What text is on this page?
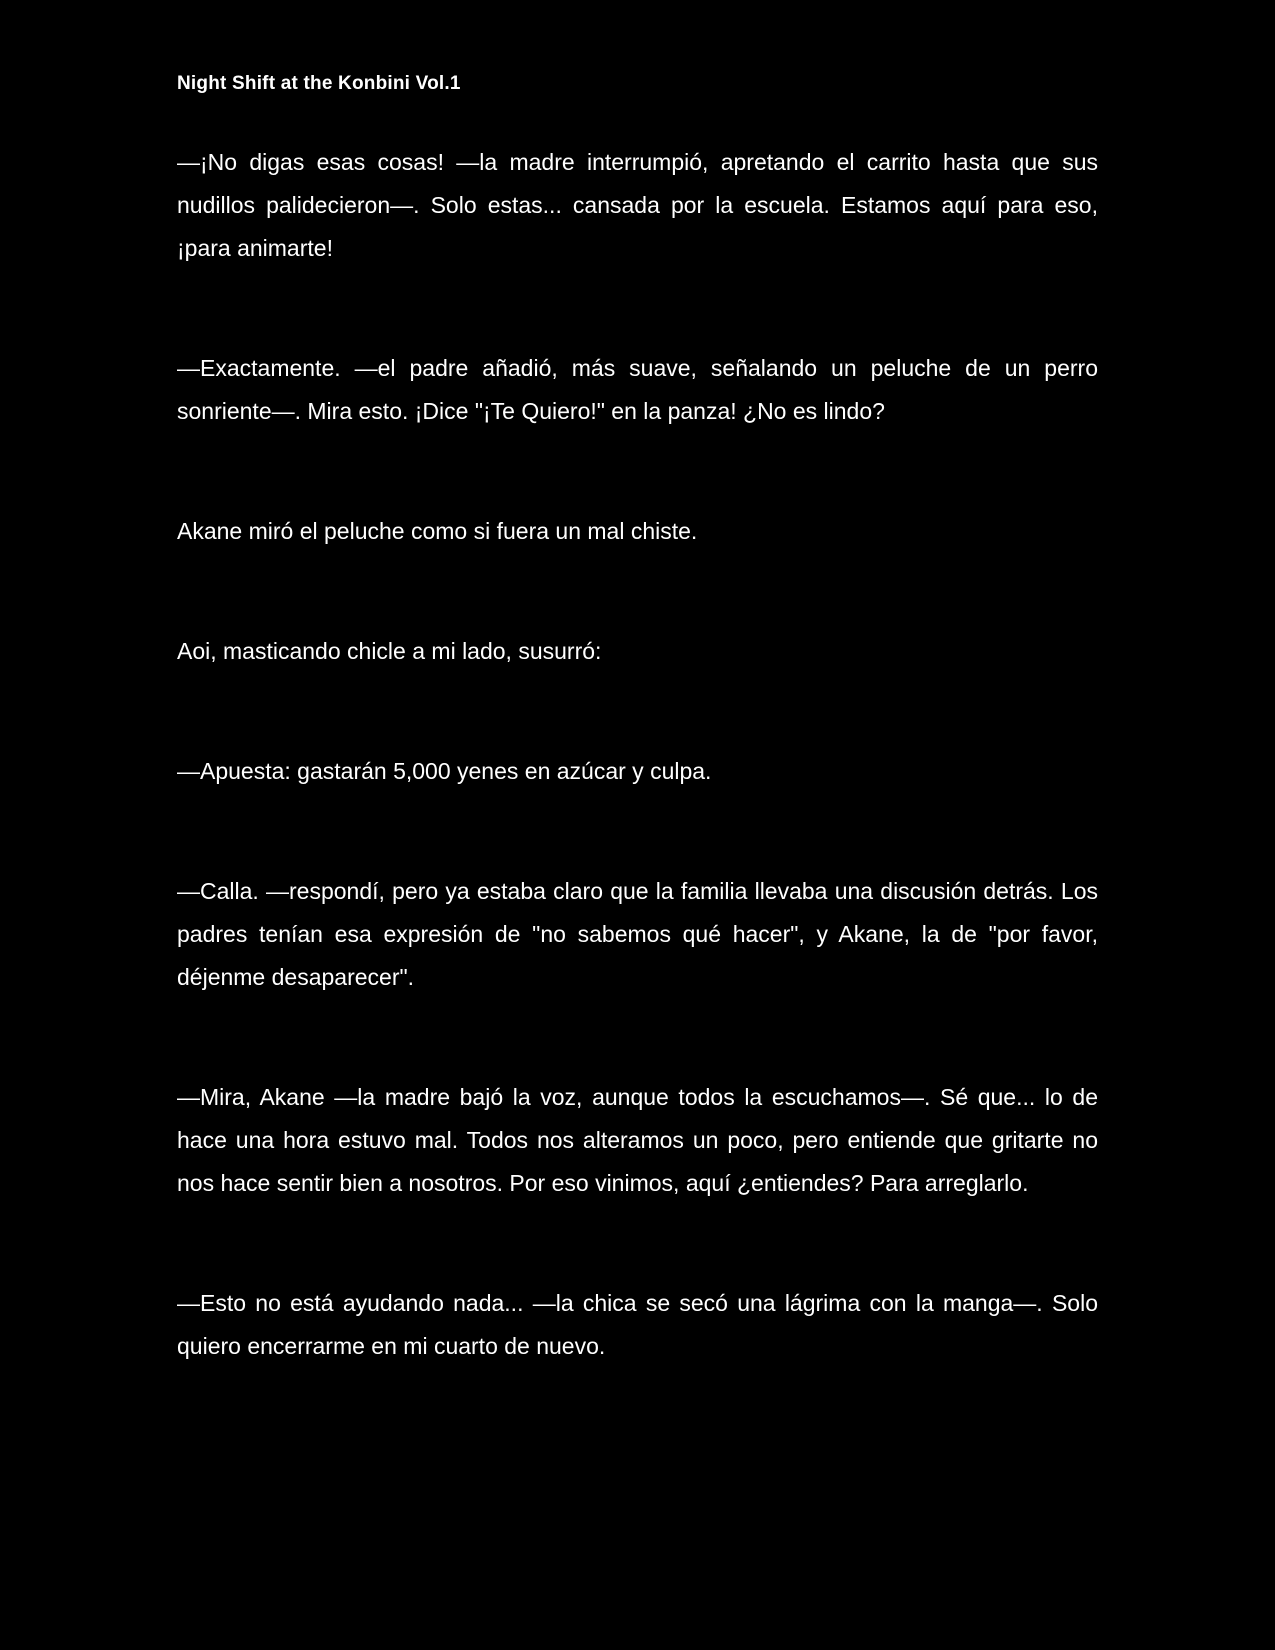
Night Shift at the Konbini Vol.1

—¡No digas esas cosas! —la madre interrumpió, apretando el carrito hasta que sus nudillos palidecieron—. Solo estas... cansada por la escuela. Estamos aquí para eso, ¡para animarte!

—Exactamente. —el padre añadió, más suave, señalando un peluche de un perro sonriente—. Mira esto. ¡Dice "¡Te Quiero!" en la panza! ¿No es lindo?

Akane miró el peluche como si fuera un mal chiste.

Aoi, masticando chicle a mi lado, susurró:

—Apuesta: gastarán 5,000 yenes en azúcar y culpa.

—Calla. —respondí, pero ya estaba claro que la familia llevaba una discusión detrás. Los padres tenían esa expresión de "no sabemos qué hacer", y Akane, la de "por favor, déjenme desaparecer".

—Mira, Akane —la madre bajó la voz, aunque todos la escuchamos—. Sé que... lo de hace una hora estuvo mal. Todos nos alteramos un poco, pero entiende que gritarte no nos hace sentir bien a nosotros. Por eso vinimos, aquí ¿entiendes? Para arreglarlo.

—Esto no está ayudando nada... —la chica se secó una lágrima con la manga—. Solo quiero encerrarme en mi cuarto de nuevo.
